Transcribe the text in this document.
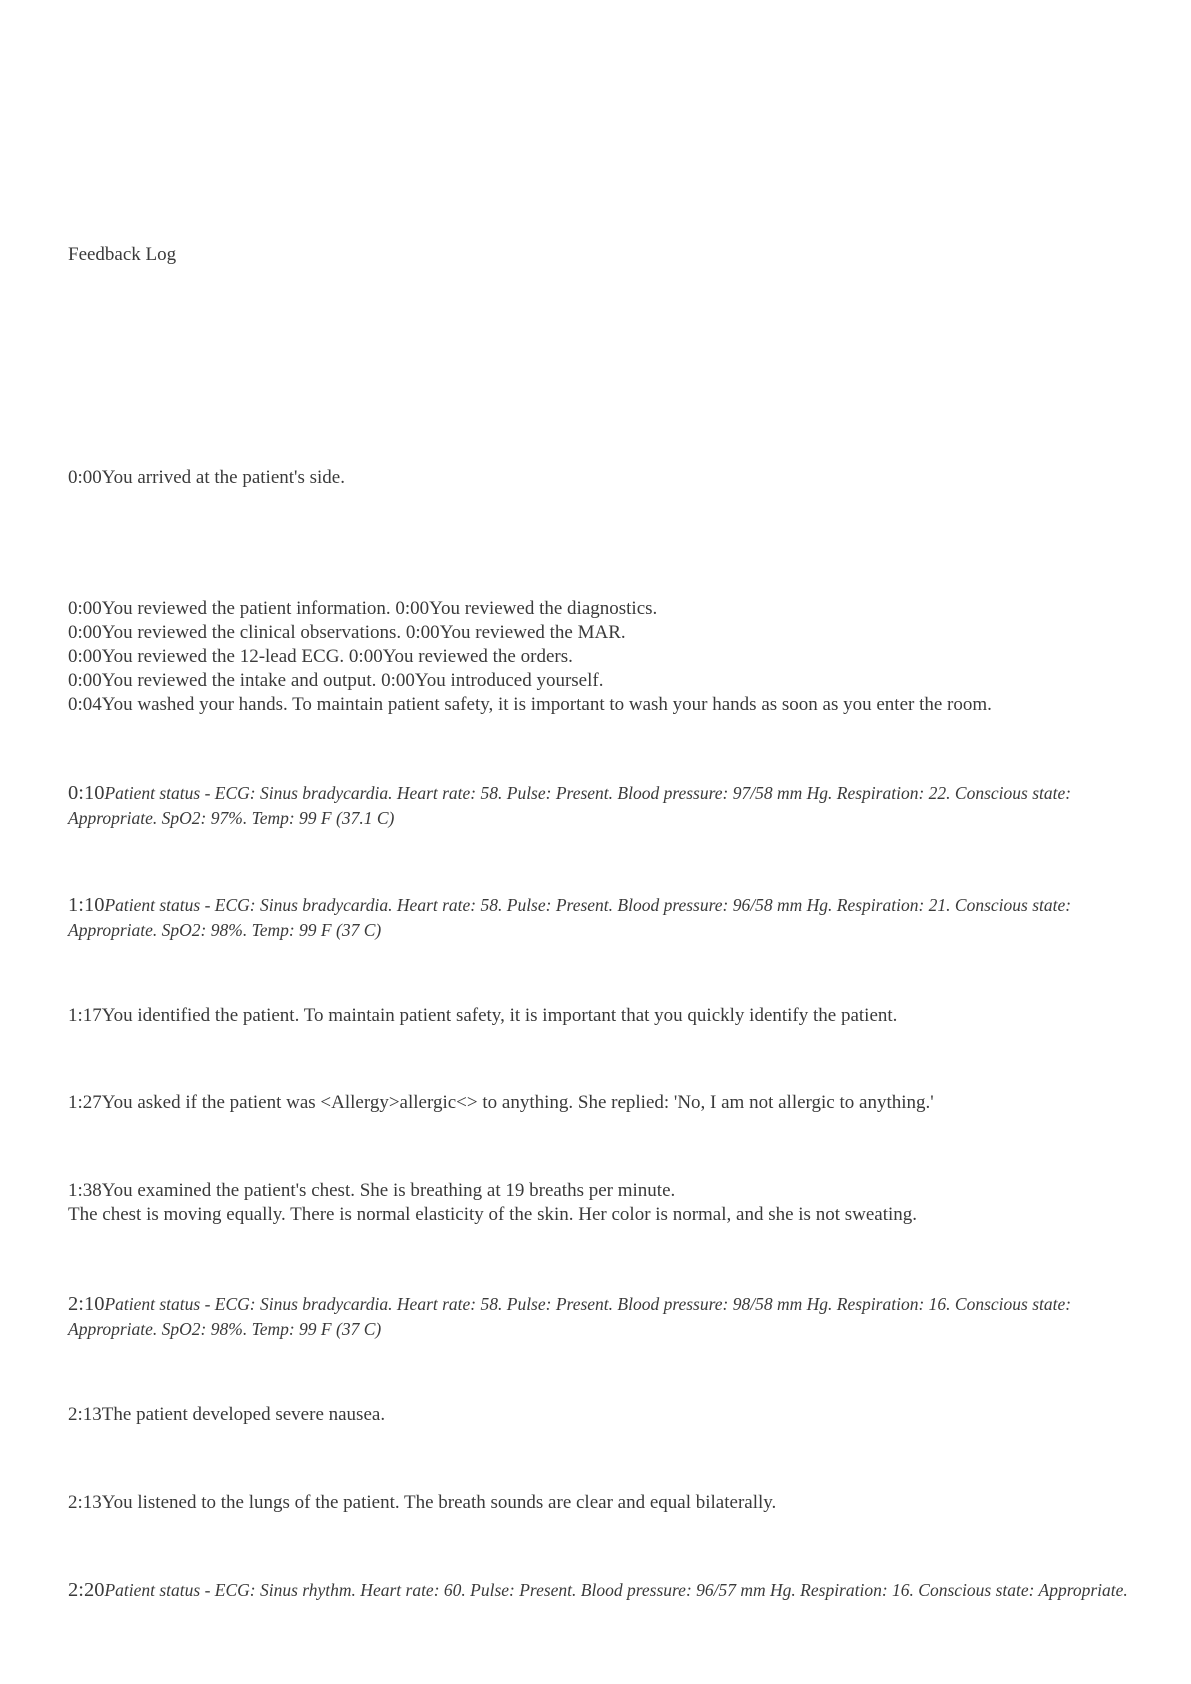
Feedback Log
0:00You arrived at the patient's side.
0:00You reviewed the patient information. 0:00You reviewed the diagnostics.
0:00You reviewed the clinical observations. 0:00You reviewed the MAR.
0:00You reviewed the 12-lead ECG. 0:00You reviewed the orders.
0:00You reviewed the intake and output. 0:00You introduced yourself.
0:04You washed your hands. To maintain patient safety, it is important to wash your hands as soon as you enter the room.
0:10Patient status - ECG: Sinus bradycardia. Heart rate: 58. Pulse: Present. Blood pressure: 97/58 mm Hg. Respiration: 22. Conscious state: Appropriate. SpO2: 97%. Temp: 99 F (37.1 C)
1:10Patient status - ECG: Sinus bradycardia. Heart rate: 58. Pulse: Present. Blood pressure: 96/58 mm Hg. Respiration: 21. Conscious state: Appropriate. SpO2: 98%. Temp: 99 F (37 C)
1:17You identified the patient. To maintain patient safety, it is important that you quickly identify the patient.
1:27You asked if the patient was <Allergy>allergic<> to anything. She replied: 'No, I am not allergic to anything.'
1:38You examined the patient's chest. She is breathing at 19 breaths per minute.
The chest is moving equally. There is normal elasticity of the skin. Her color is normal, and she is not sweating.
2:10Patient status - ECG: Sinus bradycardia. Heart rate: 58. Pulse: Present. Blood pressure: 98/58 mm Hg. Respiration: 16. Conscious state: Appropriate. SpO2: 98%. Temp: 99 F (37 C)
2:13The patient developed severe nausea.
2:13You listened to the lungs of the patient. The breath sounds are clear and equal bilaterally.
2:20Patient status - ECG: Sinus rhythm. Heart rate: 60. Pulse: Present. Blood pressure: 96/57 mm Hg. Respiration: 16. Conscious state: Appropriate.
